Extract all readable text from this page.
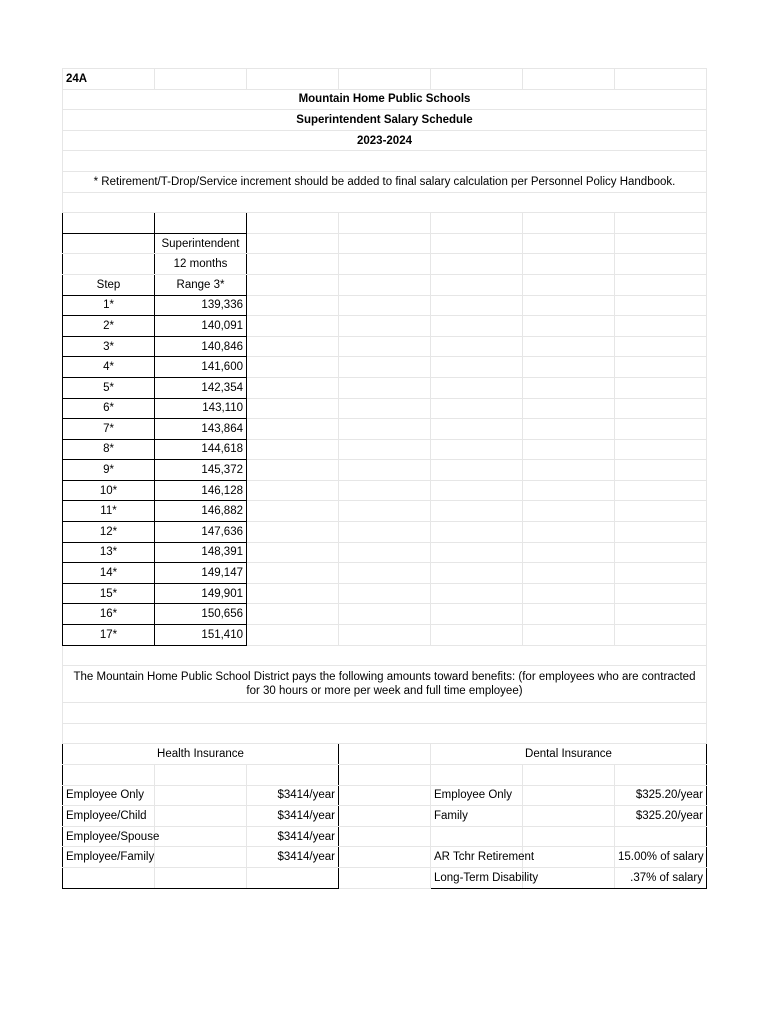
24A						
Mountain Home Public Schools						
Superintendent Salary Schedule						
2023-2024						

* Retirement/T-Drop/Service increment should be added to final salary calculation per Personnel Policy Handbook.						

	Superintendent					
	12 months					
Step	Range 3*					
1*	139,336					
2*	140,091					
3*	140,846					
4*	141,600					
5*	142,354					
6*	143,110					
7*	143,864					
8*	144,618					
9*	145,372					
10*	146,128					
11*	146,882					
12*	147,636					
13*	148,391					
14*	149,147					
15*	149,901					
16*	150,656					
17*	151,410					

The Mountain Home Public School District pays the following amounts toward benefits: (for employees who are contracted for 30 hours or more per week and full time employee)						

Health Insurance				Dental Insurance		

Employee Only		$3414/year		Employee Only		$325.20/year
Employee/Child		$3414/year		Family		$325.20/year
Employee/Spouse		$3414/year				
Employee/Family		$3414/year		AR Tchr Retirement		15.00% of salary
				Long-Term Disability		.37% of salary
